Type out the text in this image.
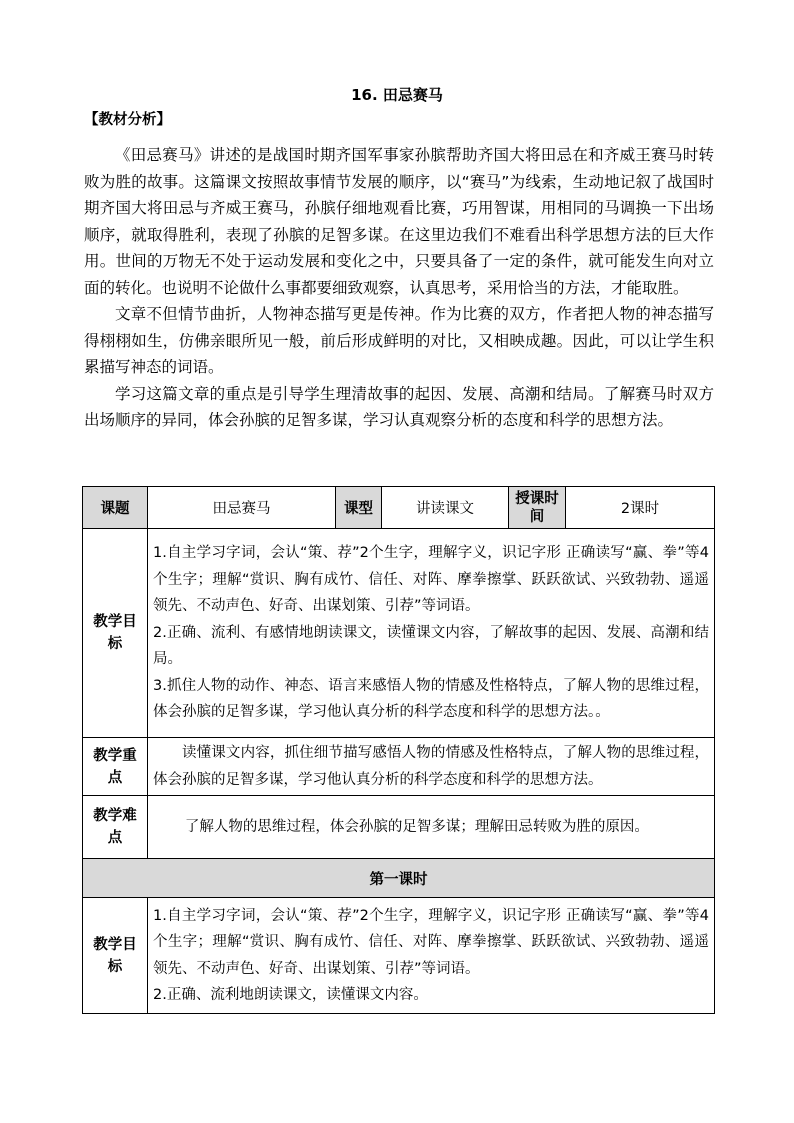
16. 田忌赛马
【教材分析】

《田忌赛马》讲述的是战国时期齐国军事家孙膑帮助齐国大将田忌在和齐威王赛马时转败为胜的故事。这篇课文按照故事情节发展的顺序，以“赛马”为线索，生动地记叙了战国时期齐国大将田忌与齐威王赛马，孙膑仔细地观看比赛，巧用智谋，用相同的马调换一下出场顺序，就取得胜利，表现了孙膑的足智多谋。在这里边我们不难看出科学思想方法的巨大作用。世间的万物无不处于运动发展和变化之中，只要具备了一定的条件，就可能发生向对立面的转化。也说明不论做什么事都要细致观察，认真思考，采用恰当的方法，才能取胜。

文章不但情节曲折，人物神态描写更是传神。作为比赛的双方，作者把人物的神态描写得栩栩如生，仿佛亲眼所见一般，前后形成鲜明的对比，又相映成趣。因此，可以让学生积累描写神态的词语。

学习这篇文章的重点是引导学生理清故事的起因、发展、高潮和结局。了解赛马时双方出场顺序的异同，体会孙膑的足智多谋，学习认真观察分析的态度和科学的思想方法。

课题	田忌赛马	课型	讲读课文	授课时间	2课时
教学目标	1.自主学习字词，会认“策、荐”2个生字，理解字义，识记字形 正确读写“赢、拳”等4个生字；理解“赏识、胸有成竹、信任、对阵、摩拳擦掌、跃跃欲试、兴致勃勃、遥遥领先、不动声色、好奇、出谋划策、引荐”等词语。

2.正确、流利、有感情地朗读课文，读懂课文内容，了解故事的起因、发展、高潮和结局。

3.抓住人物的动作、神态、语言来感悟人物的情感及性格特点，了解人物的思维过程，体会孙膑的足智多谋，学习他认真分析的科学态度和科学的思想方法。。				

教学重点	读懂课文内容，抓住细节描写感悟人物的情感及性格特点，了解人物的思维过程，体会孙膑的足智多谋，学习他认真分析的科学态度和科学的思想方法。				

教学难点	了解人物的思维过程，体会孙膑的足智多谋；理解田忌转败为胜的原因。				

第一课时					
教学目标	1.自主学习字词，会认“策、荐”2个生字，理解字义，识记字形 正确读写“赢、拳”等4个生字；理解“赏识、胸有成竹、信任、对阵、摩拳擦掌、跃跃欲试、兴致勃勃、遥遥领先、不动声色、好奇、出谋划策、引荐”等词语。

2.正确、流利地朗读课文，读懂课文内容。				
